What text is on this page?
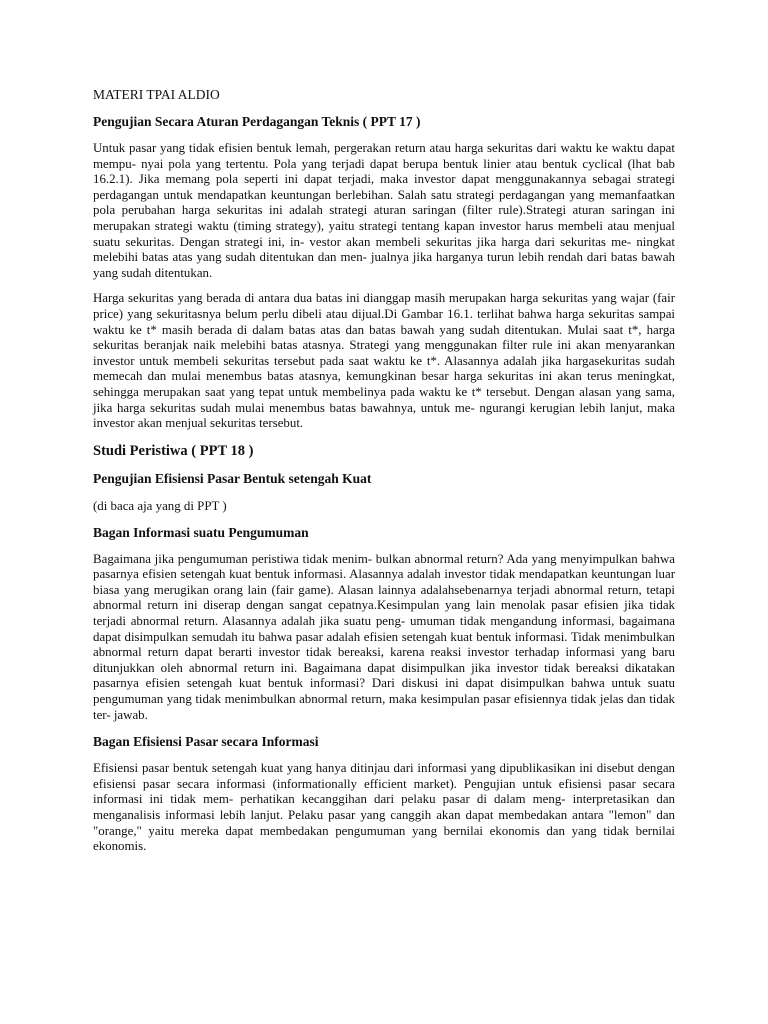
MATERI TPAI ALDIO
Pengujian Secara Aturan Perdagangan Teknis ( PPT 17 )

Untuk pasar yang tidak efisien bentuk lemah, pergerakan return atau harga sekuritas dari waktu ke waktu dapat mempu- nyai pola yang tertentu. Pola yang terjadi dapat berupa bentuk linier atau bentuk cyclical (lhat bab 16.2.1). Jika memang pola seperti ini dapat terjadi, maka investor dapat menggunakannya sebagai strategi perdagangan untuk mendapatkan keuntungan berlebihan. Salah satu strategi perdagangan yang memanfaatkan pola perubahan harga sekuritas ini adalah strategi aturan saringan (filter rule).Strategi aturan saringan ini merupakan strategi waktu (timing strategy), yaitu strategi tentang kapan investor harus membeli atau menjual suatu sekuritas. Dengan strategi ini, in- vestor akan membeli sekuritas jika harga dari sekuritas me- ningkat melebihi batas atas yang sudah ditentukan dan men- jualnya jika harganya turun lebih rendah dari batas bawah yang sudah ditentukan.

Harga sekuritas yang berada di antara dua batas ini dianggap masih merupakan harga sekuritas yang wajar (fair price) yang sekuritasnya belum perlu dibeli atau dijual.Di Gambar 16.1. terlihat bahwa harga sekuritas sampai waktu ke t* masih berada di dalam batas atas dan batas bawah yang sudah ditentukan. Mulai saat t*, harga sekuritas beranjak naik melebihi batas atasnya. Strategi yang menggunakan filter rule ini akan menyarankan investor untuk membeli sekuritas tersebut pada saat waktu ke t*. Alasannya adalah jika hargasekuritas sudah memecah dan mulai menembus batas atasnya, kemungkinan besar harga sekuritas ini akan terus meningkat, sehingga merupakan saat yang tepat untuk membelinya pada waktu ke t* tersebut. Dengan alasan yang sama, jika harga sekuritas sudah mulai menembus batas bawahnya, untuk me- ngurangi kerugian lebih lanjut, maka investor akan menjual sekuritas tersebut.

Studi Peristiwa ( PPT 18 )
Pengujian Efisiensi Pasar Bentuk setengah Kuat
(di baca aja yang di PPT )
Bagan Informasi suatu Pengumuman

Bagaimana jika pengumuman peristiwa tidak menim- bulkan abnormal return? Ada yang menyimpulkan bahwa pasarnya efisien setengah kuat bentuk informasi. Alasannya adalah investor tidak mendapatkan keuntungan luar biasa yang merugikan orang lain (fair game). Alasan lainnya adalahsebenarnya terjadi abnormal return, tetapi abnormal return ini diserap dengan sangat cepatnya.Kesimpulan yang lain menolak pasar efisien jika tidak terjadi abnormal return. Alasannya adalah jika suatu peng- umuman tidak mengandung informasi, bagaimana dapat disimpulkan semudah itu bahwa pasar adalah efisien setengah kuat bentuk informasi. Tidak menimbulkan abnormal return dapat berarti investor tidak bereaksi, karena reaksi investor terhadap informasi yang baru ditunjukkan oleh abnormal return ini. Bagaimana dapat disimpulkan jika investor tidak bereaksi dikatakan pasarnya efisien setengah kuat bentuk informasi? Dari diskusi ini dapat disimpulkan bahwa untuk suatu pengumuman yang tidak menimbulkan abnormal return, maka kesimpulan pasar efisiennya tidak jelas dan tidak ter- jawab.

Bagan Efisiensi Pasar secara Informasi

Efisiensi pasar bentuk setengah kuat yang hanya ditinjau dari informasi yang dipublikasikan ini disebut dengan efisiensi pasar secara informasi (informationally efficient market). Pengujian untuk efisiensi pasar secara informasi ini tidak mem- perhatikan kecanggihan dari pelaku pasar di dalam meng- interpretasikan dan menganalisis informasi lebih lanjut. Pelaku pasar yang canggih akan dapat membedakan antara "lemon" dan "orange," yaitu mereka dapat membedakan pengumuman yang bernilai ekonomis dan yang tidak bernilai ekonomis.
